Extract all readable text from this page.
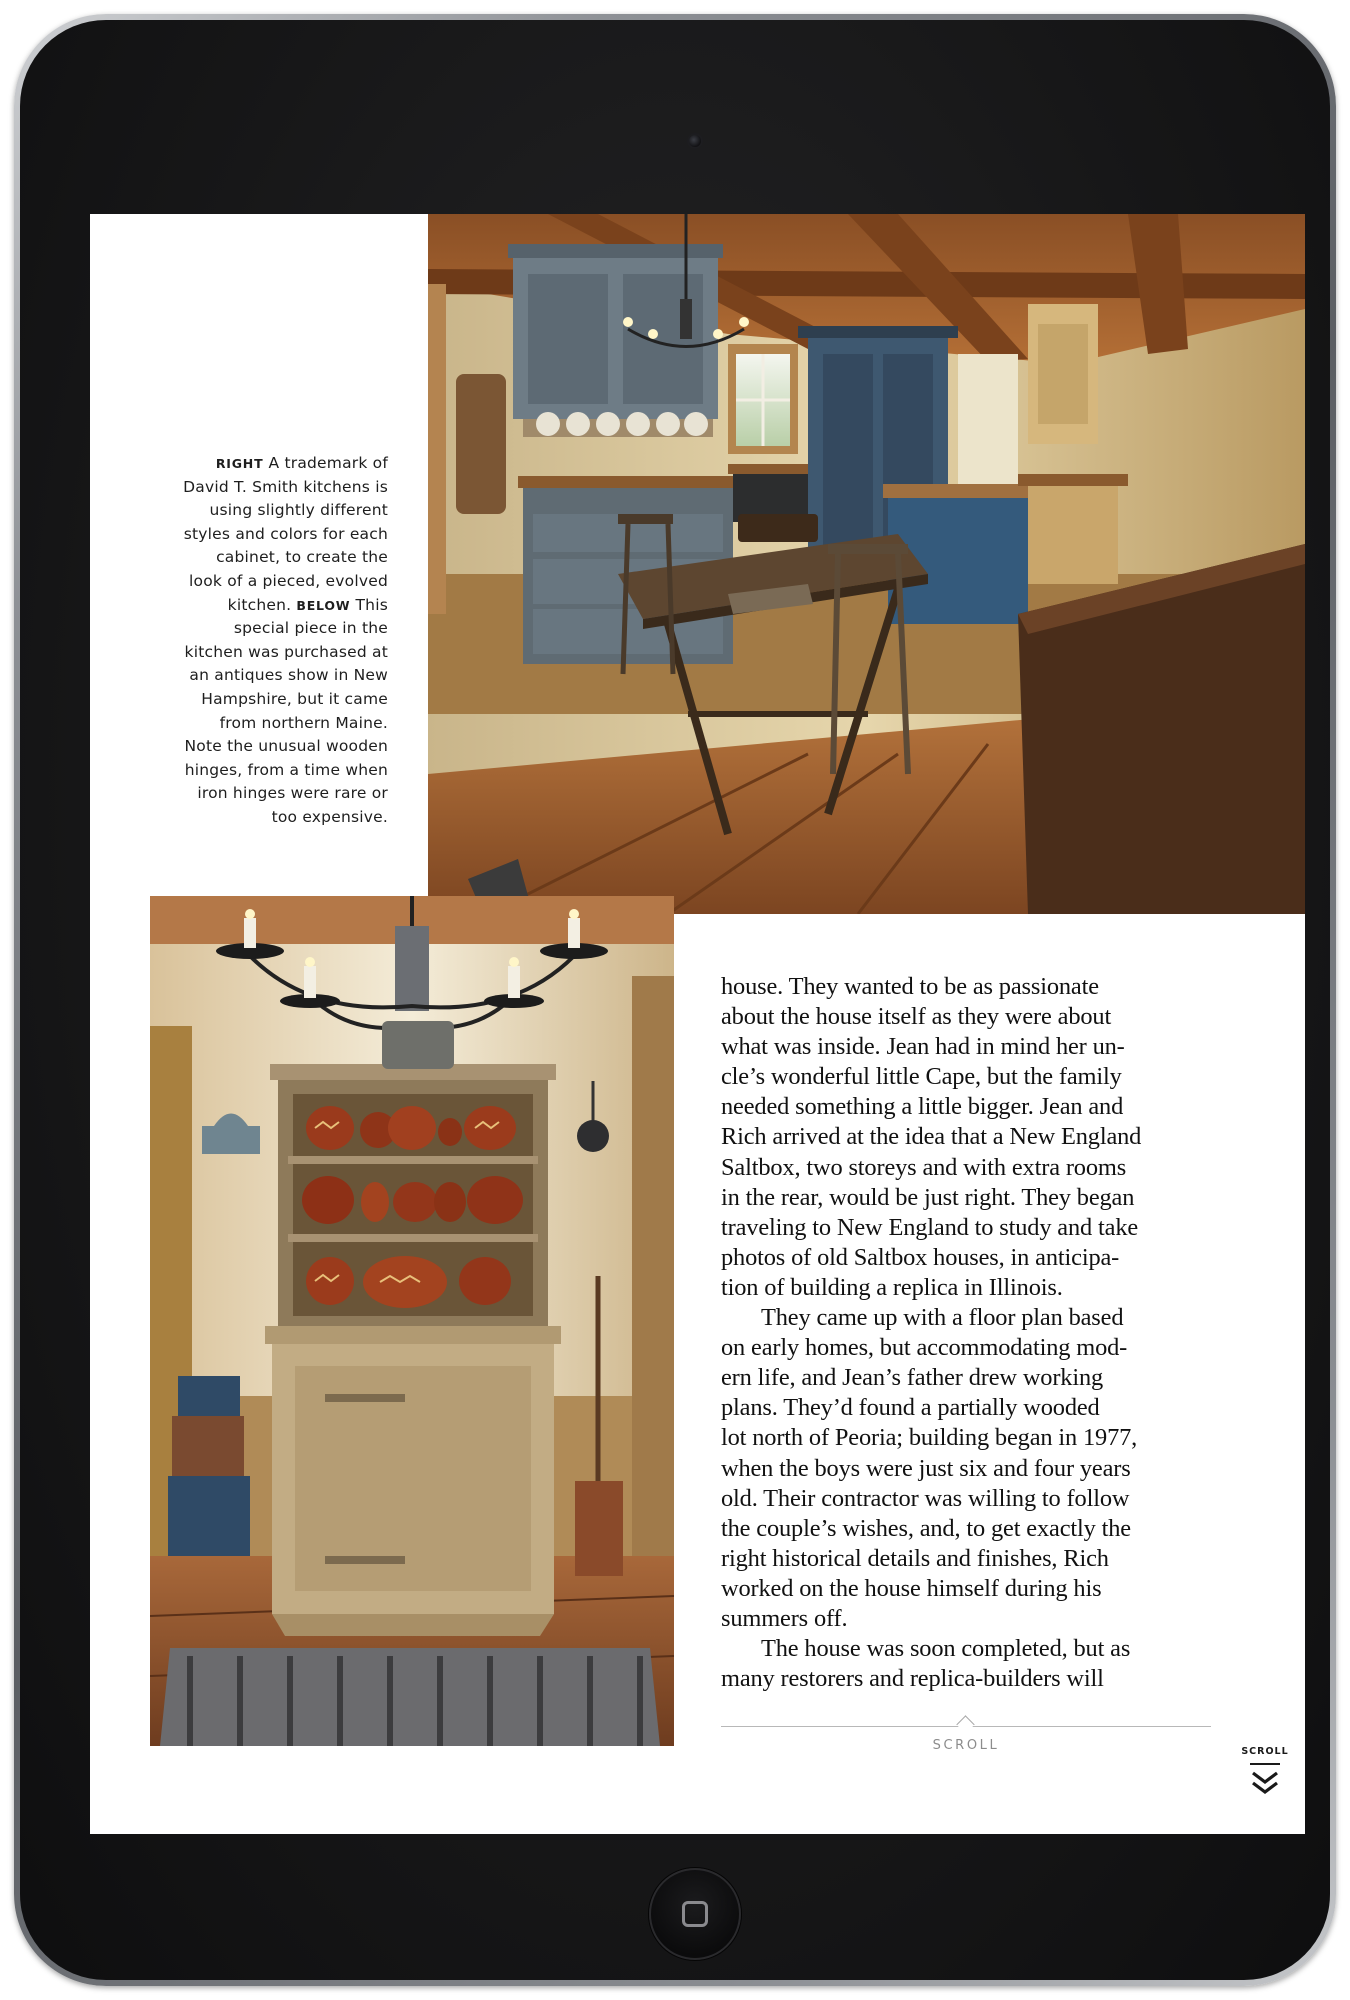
RIGHT A trademark of David T. Smith kitchens is using slightly different styles and colors for each cabinet, to create the look of a pieced, evolved kitchen. BELOW This special piece in the kitchen was purchased at an antiques show in New Hampshire, but it came from northern Maine. Note the unusual wooden hinges, from a time when iron hinges were rare or too expensive.

house. They wanted to be as passionate
about the house itself as they were about
what was inside. Jean had in mind her un-
cle’s wonderful little Cape, but the family
needed something a little bigger. Jean and
Rich arrived at the idea that a New England
Saltbox, two storeys and with extra rooms
in the rear, would be just right. They began
traveling to New England to study and take
photos of old Saltbox houses, in anticipa-
tion of building a replica in Illinois.

They came up with a floor plan based
on early homes, but accommodating mod-
ern life, and Jean’s father drew working
plans. They’d found a partially wooded
lot north of Peoria; building began in 1977,
when the boys were just six and four years
old. Their contractor was willing to follow
the couple’s wishes, and, to get exactly the
right historical details and finishes, Rich
worked on the house himself during his
summers off.

The house was soon completed, but as
many restorers and replica-builders will

SCROLL	SCROLL
